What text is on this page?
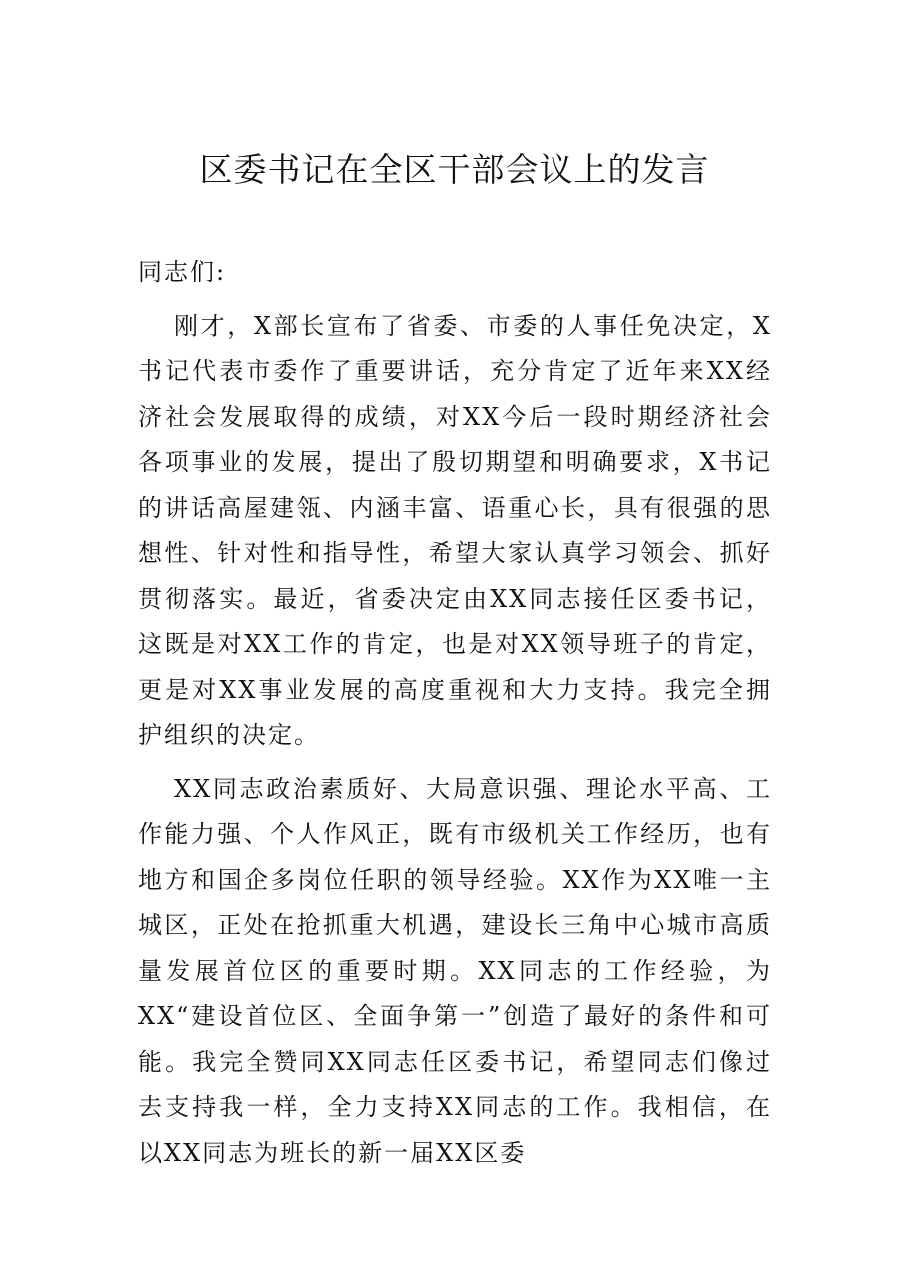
区委书记在全区干部会议上的发言

同志们:

刚才，X部长宣布了省委、市委的人事任免决定，X书记代表市委作了重要讲话，充分肯定了近年来XX经济社会发展取得的成绩，对XX今后一段时期经济社会各项事业的发展，提出了殷切期望和明确要求，X书记的讲话高屋建瓴、内涵丰富、语重心长，具有很强的思想性、针对性和指导性，希望大家认真学习领会、抓好贯彻落实。最近，省委决定由XX同志接任区委书记，这既是对XX工作的肯定，也是对XX领导班子的肯定，更是对XX事业发展的高度重视和大力支持。我完全拥护组织的决定。

XX同志政治素质好、大局意识强、理论水平高、工作能力强、个人作风正，既有市级机关工作经历，也有地方和国企多岗位任职的领导经验。XX作为XX唯一主城区，正处在抢抓重大机遇，建设长三角中心城市高质量发展首位区的重要时期。XX同志的工作经验，为XX“建设首位区、全面争第一”创造了最好的条件和可能。我完全赞同XX同志任区委书记，希望同志们像过去支持我一样，全力支持XX同志的工作。我相信，在以XX同志为班长的新一届XX区委
